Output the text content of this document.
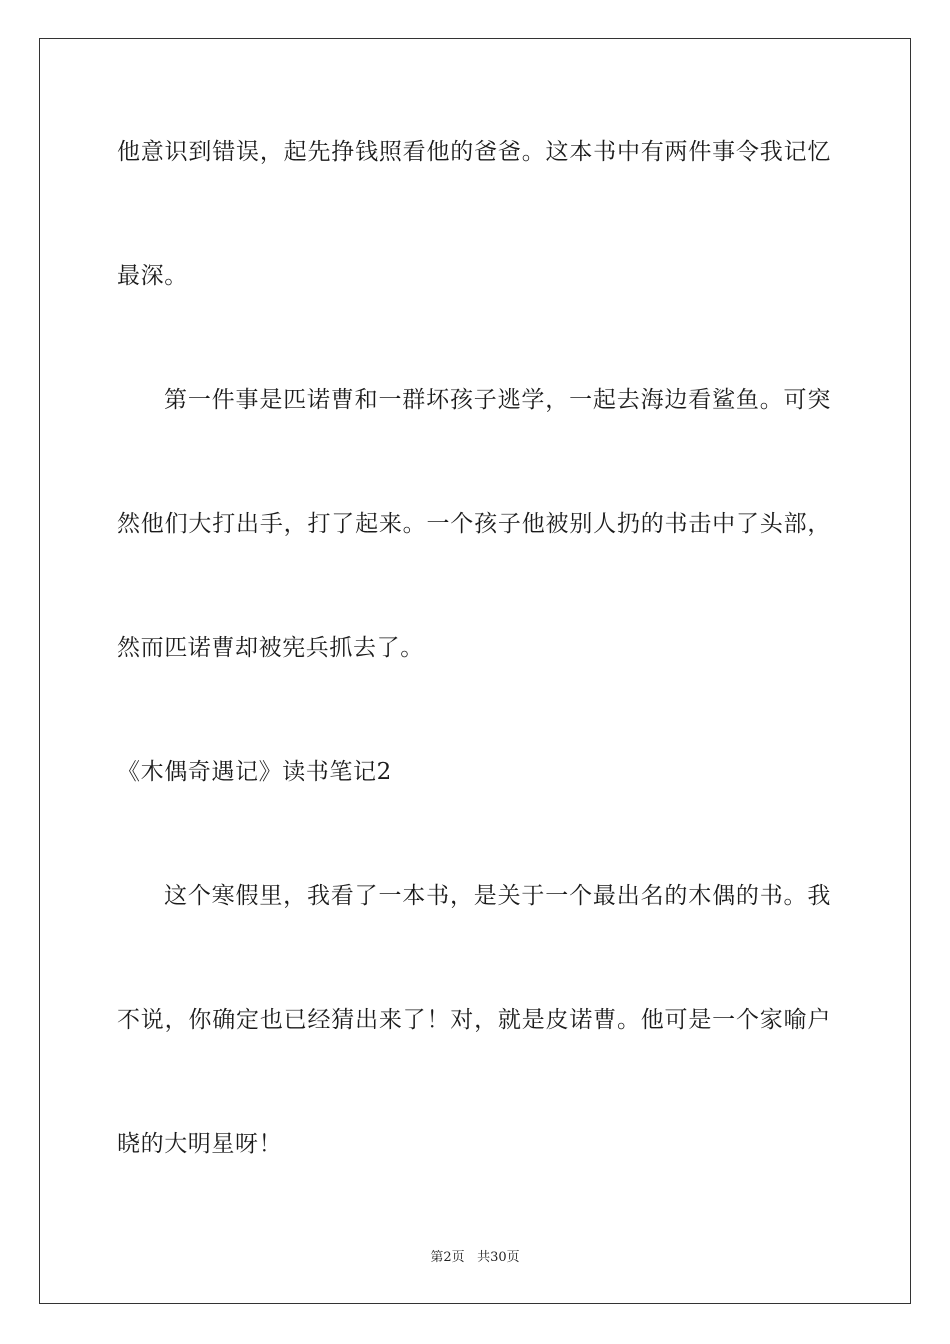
他意识到错误，起先挣钱照看他的爸爸。这本书中有两件事令我记忆
最深。
第一件事是匹诺曹和一群坏孩子逃学，一起去海边看鲨鱼。可突
然他们大打出手，打了起来。一个孩子他被别人扔的书击中了头部，
然而匹诺曹却被宪兵抓去了。
《木偶奇遇记》读书笔记2
这个寒假里，我看了一本书，是关于一个最出名的木偶的书。我
不说，你确定也已经猜出来了！对，就是皮诺曹。他可是一个家喻户
晓的大明星呀！
第2页 共30页
